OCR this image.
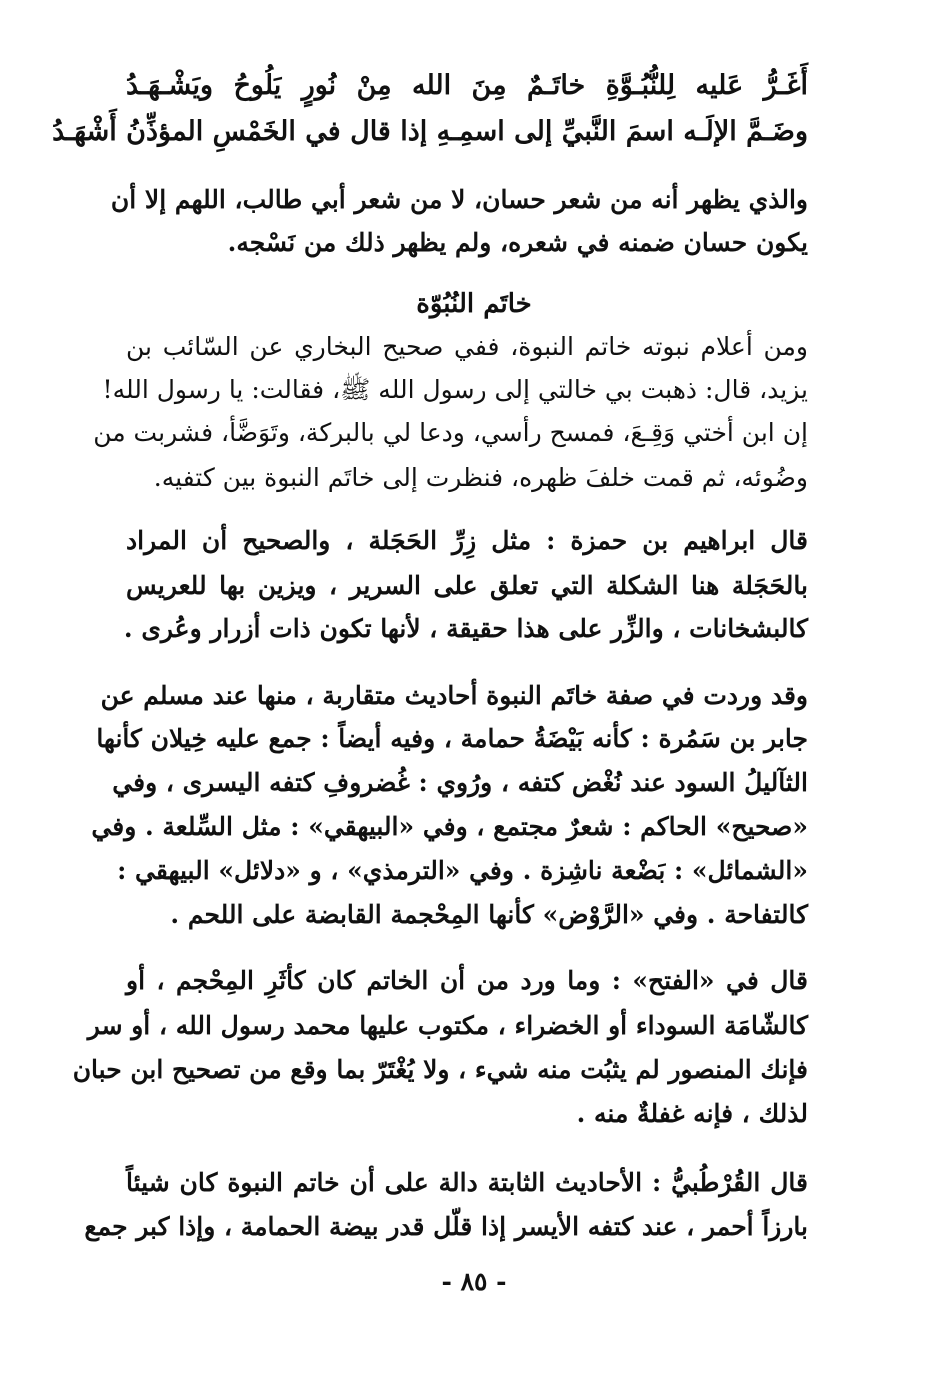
أَغَـرُّ عَليه لِلنُّبُـوَّةِ خاتَـمٌ مِنَ الله مِنْ نُورٍ يَلُوحُ ويَشْـهَـدُ
وضَـمَّ الإلَـه اسمَ النَّبيِّ إلى اسمِـهِ إذا قال في الخَمْسِ المؤذِّنُ أَشْهَـدُ
والذي يظهر أنه من شعر حسان، لا من شعر أبي طالب، اللهم إلا أن
يكون حسان ضمنه في شعره، ولم يظهر ذلك من نَسْجه.
خاتَم النُبُوّة
ومن أعلام نبوته خاتم النبوة، ففي صحيح البخاري عن السّائب بن
يزيد، قال: ذهبت بي خالتي إلى رسول الله ﷺ، فقالت: يا رسول الله!
إن ابن أختي وَقِـعَ، فمسح رأسي، ودعا لي بالبركة، وتَوَضَّأ، فشربت من
وضُوئه، ثم قمت خلفَ ظهره، فنظرت إلى خاتَم النبوة بين كتفيه.
قال ابراهيم بن حمزة : مثل زِرِّ الحَجَلة ، والصحيح أن المراد
بالحَجَلة هنا الشكلة التي تعلق على السرير ، ويزين بها للعريس
كالبشخانات ، والزِّر على هذا حقيقة ، لأنها تكون ذات أزرار وعُرى .
وقد وردت في صفة خاتَم النبوة أحاديث متقاربة ، منها عند مسلم عن
جابر بن سَمُرة : كأنه بَيْضَةُ حمامة ، وفيه أيضاً : جمع عليه خِيلان كأنها
الثآليلُ السود عند نُغْض كتفه ، ورُوي : غُضروفِ كتفه اليسرى ، وفي
«صحيح» الحاكم : شعرٌ مجتمع ، وفي «البيهقي» : مثل السِّلعة . وفي
«الشمائل» : بَضْعة ناشِزة . وفي «الترمذي» ، و «دلائل» البيهقي :
كالتفاحة . وفي «الرَّوْض» كأنها المِحْجمة القابضة على اللحم .
قال في «الفتح» : وما ورد من أن الخاتم كان كأثَرِ المِحْجم ، أو
كالشّامَة السوداء أو الخضراء ، مكتوب عليها محمد رسول الله ، أو سر
فإنك المنصور لم يثبُت منه شيء ، ولا يُغْتَرّ بما وقع من تصحيح ابن حبان
لذلك ، فإنه غفلةٌ منه .
قال القُرْطُبيُّ : الأحاديث الثابتة دالة على أن خاتم النبوة كان شيئاً
بارزاً أحمر ، عند كتفه الأيسر إذا قلّل قدر بيضة الحمامة ، وإذا كبر جمع
- ٨٥ -
